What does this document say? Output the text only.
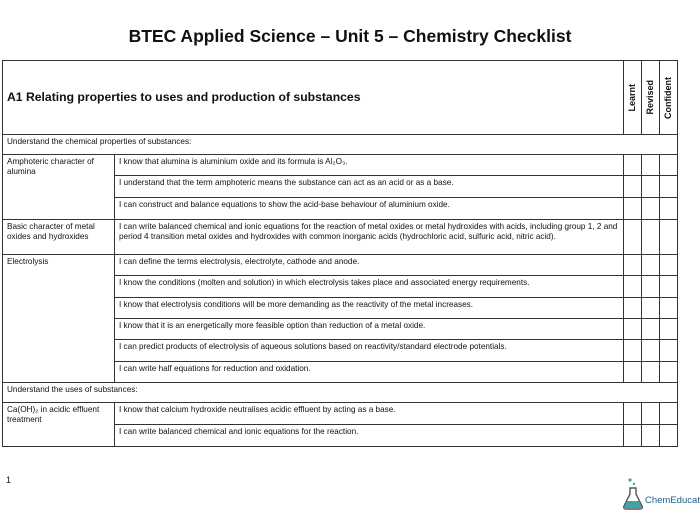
BTEC Applied Science – Unit 5 – Chemistry Checklist
A1 Relating properties to uses and production of substances		Learnt	Revised	Confident

Understand the chemical properties of substances:				
Amphoteric character of alumina	I know that alumina is aluminium oxide and its formula is Al₂O₃.			
	I understand that the term amphoteric means the substance can act as an acid or as a base.			
	I can construct and balance equations to show the acid-base behaviour of aluminium oxide.			
Basic character of metal oxides and hydroxides	I can write balanced chemical and ionic equations for the reaction of metal oxides or metal hydroxides with acids, including group 1, 2 and period 4 transition metal oxides and hydroxides with common inorganic acids (hydrochloric acid, sulfuric acid, nitric acid).			
Electrolysis	I can define the terms electrolysis, electrolyte, cathode and anode.			
	I know the conditions (molten and solution) in which electrolysis takes place and associated energy requirements.			
	I know that electrolysis conditions will be more demanding as the reactivity of the metal increases.			
	I know that it is an energetically more feasible option than reduction of a metal oxide.			
	I can predict products of electrolysis of aqueous solutions based on reactivity/standard electrode potentials.			
	I can write half equations for reduction and oxidation.			
Understand the uses of substances:				
Ca(OH)₂ in acidic effluent treatment	I know that calcium hydroxide neutralises acidic effluent by acting as a base.			
	I can write balanced chemical and ionic equations for the reaction.			
1
ChemEducat
